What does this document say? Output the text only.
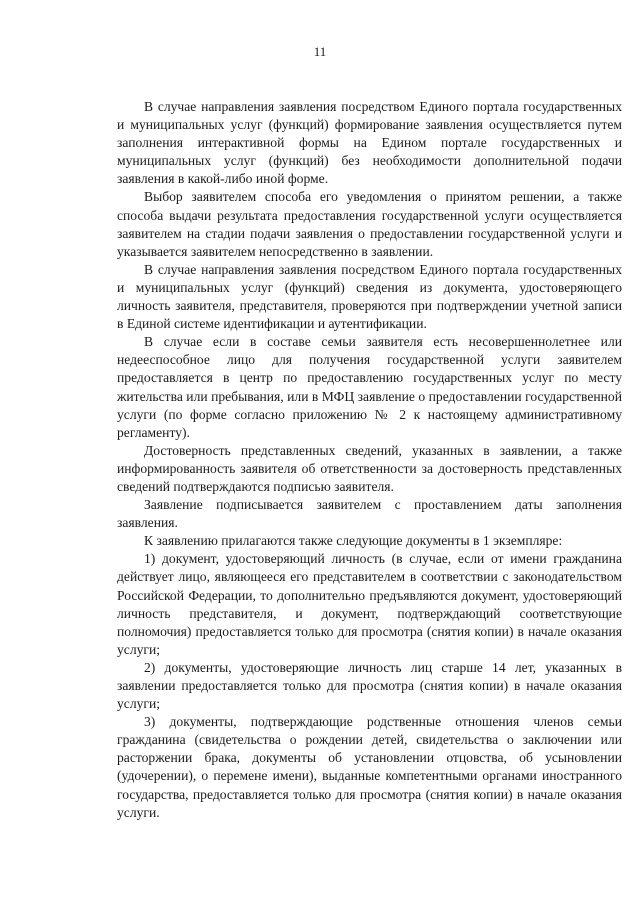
11

В случае направления заявления посредством Единого портала государственных и муниципальных услуг (функций) формирование заявления осуществляется путем заполнения интерактивной формы на Едином портале государственных и муниципальных услуг (функций) без необходимости дополнительной подачи заявления в какой-либо иной форме.

Выбор заявителем способа его уведомления о принятом решении, а также способа выдачи результата предоставления государственной услуги осуществляется заявителем на стадии подачи заявления о предоставлении государственной услуги и указывается заявителем непосредственно в заявлении.

В случае направления заявления посредством Единого портала государственных и муниципальных услуг (функций) сведения из документа, удостоверяющего личность заявителя, представителя, проверяются при подтверждении учетной записи в Единой системе идентификации и аутентификации.

В случае если в составе семьи заявителя есть несовершеннолетнее или недееспособное лицо для получения государственной услуги заявителем предоставляется в центр по предоставлению государственных услуг по месту жительства или пребывания, или в МФЦ заявление о предоставлении государственной услуги (по форме согласно приложению № 2 к настоящему административному регламенту).

Достоверность представленных сведений, указанных в заявлении, а также информированность заявителя об ответственности за достоверность представленных сведений подтверждаются подписью заявителя.

Заявление подписывается заявителем с проставлением даты заполнения заявления.

К заявлению прилагаются также следующие документы в 1 экземпляре:

1) документ, удостоверяющий личность (в случае, если от имени гражданина действует лицо, являющееся его представителем в соответствии с законодательством Российской Федерации, то дополнительно предъявляются документ, удостоверяющий личность представителя, и документ, подтверждающий соответствующие полномочия) предоставляется только для просмотра (снятия копии) в начале оказания услуги;

2) документы, удостоверяющие личность лиц старше 14 лет, указанных в заявлении предоставляется только для просмотра (снятия копии) в начале оказания услуги;

3) документы, подтверждающие родственные отношения членов семьи гражданина (свидетельства о рождении детей, свидетельства о заключении или расторжении брака, документы об установлении отцовства, об усыновлении (удочерении), о перемене имени), выданные компетентными органами иностранного государства, предоставляется только для просмотра (снятия копии) в начале оказания услуги.
